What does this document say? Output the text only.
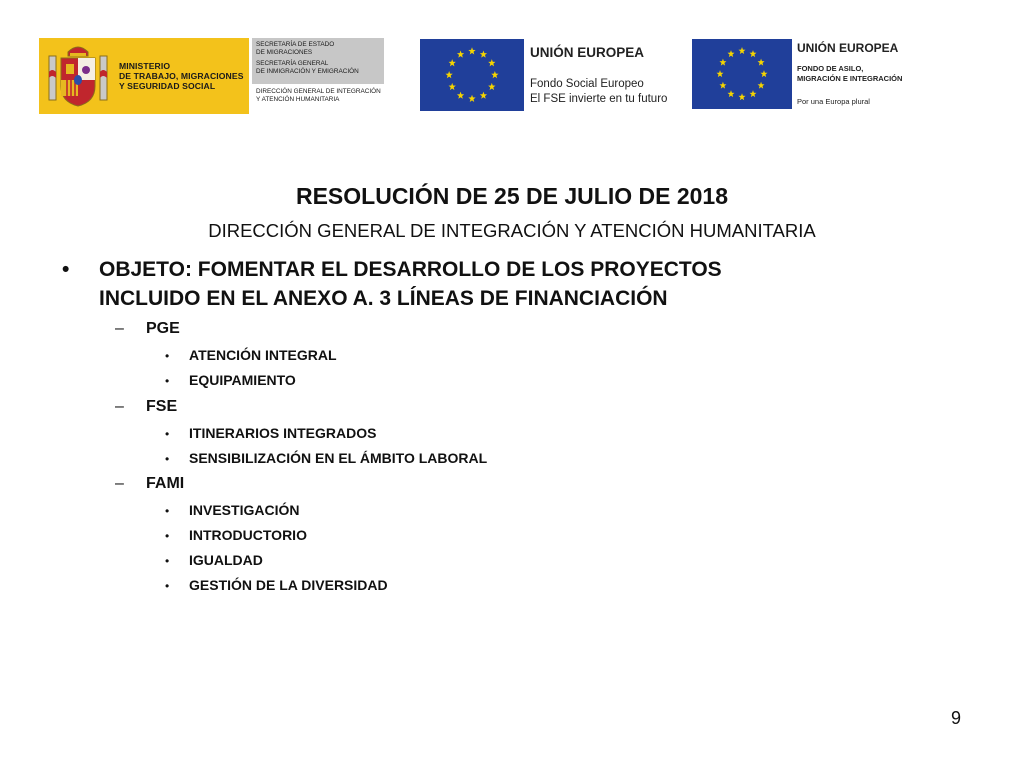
MINISTERIO
DE TRABAJO, MIGRACIONES
Y SEGURIDAD SOCIAL
SECRETARÍA DE ESTADO
DE MIGRACIONES
SECRETARÍA GENERAL
DE INMIGRACIÓN Y EMIGRACIÓN
DIRECCIÓN GENERAL DE INTEGRACIÓN
Y ATENCIÓN HUMANITARIA
UNIÓN EUROPEA
Fondo Social Europeo
El FSE invierte en tu futuro
UNIÓN EUROPEA
FONDO DE ASILO,
MIGRACIÓN E INTEGRACIÓN
Por una Europa plural
RESOLUCIÓN DE 25 DE JULIO DE 2018
DIRECCIÓN GENERAL DE INTEGRACIÓN Y ATENCIÓN HUMANITARIA
• OBJETO: FOMENTAR EL DESARROLLO DE LOS PROYECTOS
INCLUIDO EN EL ANEXO A. 3 LÍNEAS DE FINANCIACIÓN
– PGE
• ATENCIÓN INTEGRAL
• EQUIPAMIENTO
– FSE
• ITINERARIOS INTEGRADOS
• SENSIBILIZACIÓN EN EL ÁMBITO LABORAL
– FAMI
• INVESTIGACIÓN
• INTRODUCTORIO
• IGUALDAD
• GESTIÓN DE LA DIVERSIDAD
9
